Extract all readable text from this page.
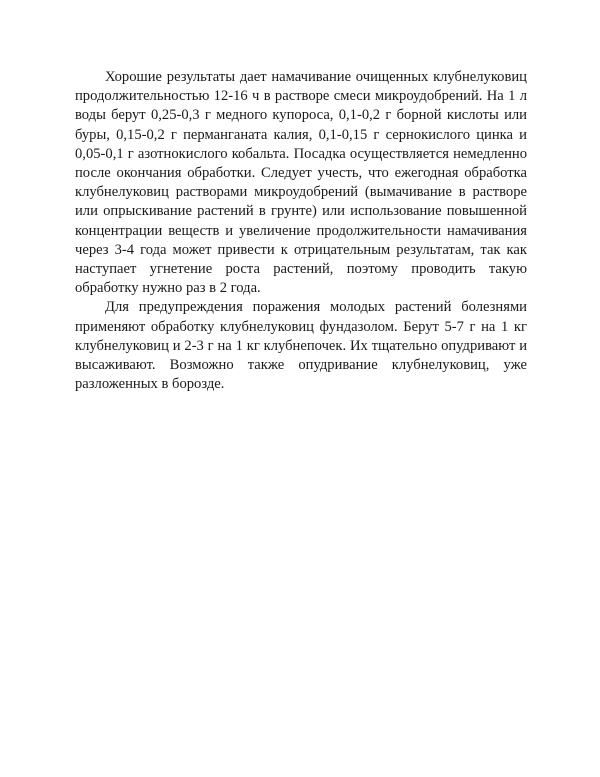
Хорошие результаты дает намачивание очищенных клубнелуковиц продолжительностью 12-16 ч в растворе смеси микроудобрений. На 1 л воды берут 0,25-0,3 г медного купороса, 0,1-0,2 г борной кислоты или буры, 0,15-0,2 г перманганата калия, 0,1-0,15 г сернокислого цинка и 0,05-0,1 г азотнокислого кобальта. Посадка осуществляется немедленно после окончания обработки. Следует учесть, что ежегодная обработка клубнелуковиц растворами микроудобрений (вымачивание в растворе или опрыскивание растений в грунте) или использование повышенной концентрации веществ и увеличение продолжительности намачивания через 3-4 года может привести к отрицательным результатам, так как наступает угнетение роста растений, поэтому проводить такую обработку нужно раз в 2 года.

Для предупреждения поражения молодых растений болезнями применяют обработку клубнелуковиц фундазолом. Берут 5-7 г на 1 кг клубнелуковиц и 2-3 г на 1 кг клубнепочек. Их тщательно опудривают и высаживают. Возможно также опудривание клубнелуковиц, уже разложенных в борозде.
